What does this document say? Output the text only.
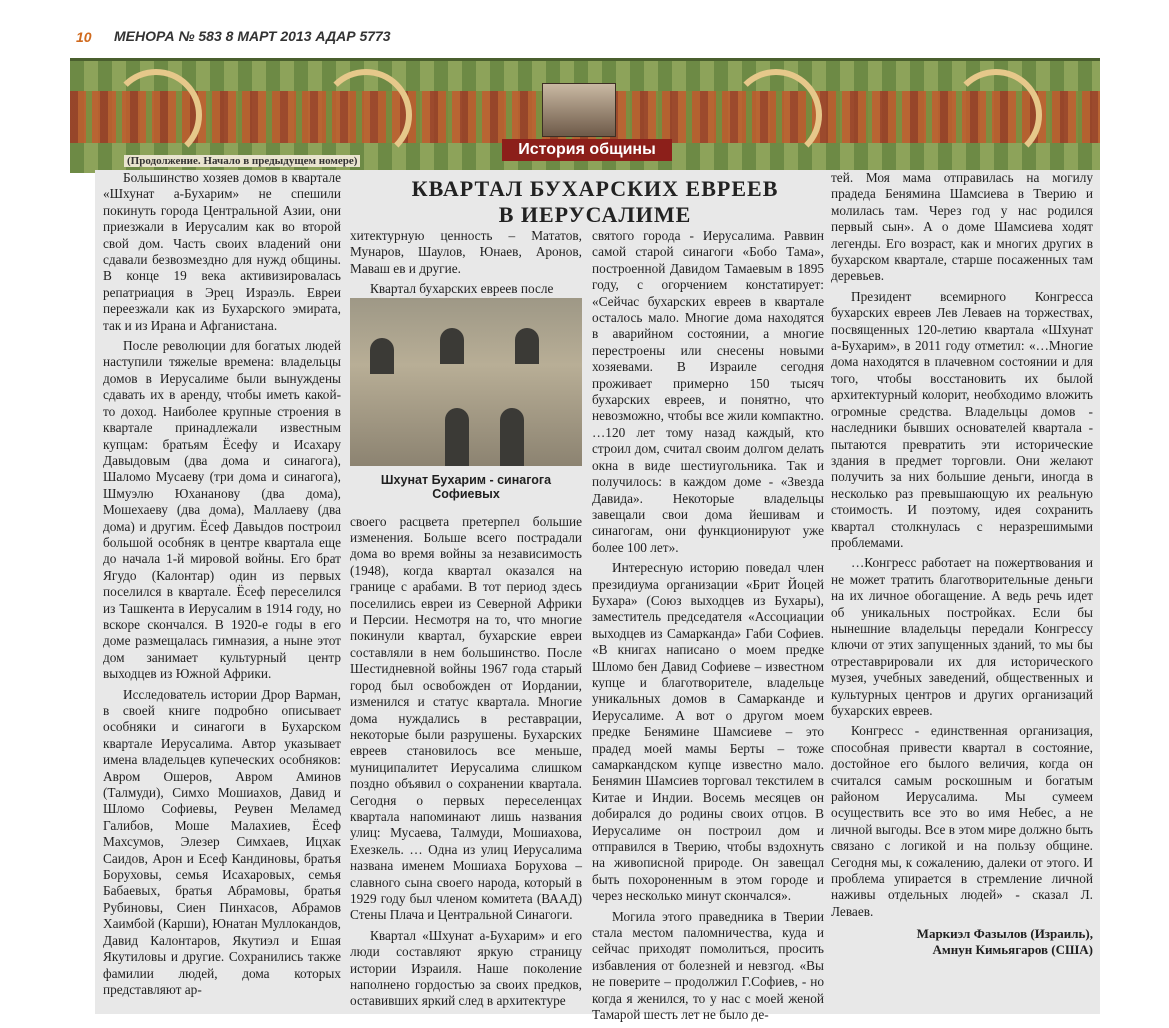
10 МЕНОРА № 583 8 МАРТ 2013 АДАР 5773
История общины
(Продолжение. Начало в предыдущем номере)
КВАРТАЛ БУХАРСКИХ ЕВРЕЕВ
В ИЕРУСАЛИМЕ

Большинство хозяев домов в квартале «Шхунат а-Бухарим» не спешили покинуть города Центральной Азии, они приезжали в Иерусалим как во второй свой дом. Часть своих владений они сдавали безвозмездно для нужд общины. В конце 19 века активизировалась репатриация в Эрец Израэль. Евреи переезжали как из Бухарского эмирата, так и из Ирана и Афганистана.

После революции для богатых людей наступили тяжелые времена: владельцы домов в Иерусалиме были вынуждены сдавать их в аренду, чтобы иметь какой-то доход. Наиболее крупные строения в квартале принадлежали известным купцам: братьям Ёсефу и Исахару Давыдовым (два дома и синагога), Шаломо Мусаеву (три дома и синагога), Шмуэлю Юхананову (два дома), Мошехаеву (два дома), Маллаеву (два дома) и другим. Ёсеф Давыдов построил большой особняк в центре квартала еще до начала 1-й мировой войны. Его брат Ягудо (Калонтар) один из первых поселился в квартале. Ёсеф переселился из Ташкента в Иерусалим в 1914 году, но вскоре скончался. В 1920-е годы в его доме размещалась гимназия, а ныне этот дом занимает культурный центр выходцев из Южной Африки.

Исследователь истории Дрор Варман, в своей книге подробно описывает особняки и синагоги в Бухарском квартале Иерусалима. Автор указывает имена владельцев купеческих особняков: Авром Ошеров, Авром Аминов (Талмуди), Симхо Мошиахов, Давид и Шломо Софиевы, Реувен Меламед Галибов, Моше Малахиев, Ёсеф Махсумов, Элезер Симхаев, Ицхак Саидов, Арон и Есеф Кандиновы, братья Боруховы, семья Исахаровых, семья Бабаевых, братья Абрамовы, братья Рубиновы, Сиен Пинхасов, Абрамов Хаимбой (Карши), Юнатан Муллокандов, Давид Калонтаров, Якутиэл и Ешая Якутиловы и другие. Сохранились также фамилии людей, дома которых представляют ар-

хитектурную ценность – Мататов, Мунаров, Шаулов, Юнаев, Аронов, Маваш ев и другие.

Квартал бухарских евреев после

своего расцвета претерпел большие изменения. Больше всего пострадали дома во время войны за независимость (1948), когда квартал оказался на границе с арабами. В тот период здесь поселились евреи из Северной Африки и Персии. Несмотря на то, что многие покинули квартал, бухарские евреи составляли в нем большинство. После Шестидневной войны 1967 года старый город был освобожден от Иордании, изменился и статус квартала. Многие дома нуждались в реставрации, некоторые были разрушены. Бухарских евреев становилось все меньше, муниципалитет Иерусалима слишком поздно объявил о сохранении квартала. Сегодня о первых переселенцах квартала напоминают лишь названия улиц: Мусаева, Талмуди, Мошиахова, Ехезкель. … Одна из улиц Иерусалима названа именем Мошиаха Борухова – славного сына своего народа, который в 1929 году был членом комитета (ВААД) Стены Плача и Центральной Синагоги.

Квартал «Шхунат а-Бухарим» и его люди составляют яркую страницу истории Израиля. Наше поколение наполнено гордостью за своих предков, оставивших яркий след в архитектуре

Шхунат Бухарим - синагога Софиевых

святого города - Иерусалима. Раввин самой старой синагоги «Бобо Тама», построенной Давидом Тамаевым в 1895 году, с огорчением констатирует: «Сейчас бухарских евреев в квартале осталось мало. Многие дома находятся в аварийном состоянии, а многие перестроены или снесены новыми хозяевами. В Израиле сегодня проживает примерно 150 тысяч бухарских евреев, и понятно, что невозможно, чтобы все жили компактно. …120 лет тому назад каждый, кто строил дом, считал своим долгом делать окна в виде шестиугольника. Так и получилось: в каждом доме - «Звезда Давида». Некоторые владельцы завещали свои дома йешивам и синагогам, они функционируют уже более 100 лет».

Интересную историю поведал член президиума организации «Брит Йоцей Бухара» (Союз выходцев из Бухары), заместитель председателя «Ассоциации выходцев из Самарканда» Габи Софиев. «В книгах написано о моем предке Шломо бен Давид Софиеве – известном купце и благотворителе, владельце уникальных домов в Самарканде и Иерусалиме. А вот о другом моем предке Бенямине Шамсиеве – это прадед моей мамы Берты – тоже самаркандском купце известно мало. Бенямин Шамсиев торговал текстилем в Китае и Индии. Восемь месяцев он добирался до родины своих отцов. В Иерусалиме он построил дом и отправился в Тверию, чтобы вздохнуть на живописной природе. Он завещал быть похороненным в этом городе и через несколько минут скончался».

Могила этого праведника в Тверии стала местом паломничества, куда и сейчас приходят помолиться, просить избавления от болезней и невзгод. «Вы не поверите – продолжил Г.Софиев, - но когда я женился, то у нас с моей женой Тамарой шесть лет не было де-

тей. Моя мама отправилась на могилу прадеда Бенямина Шамсиева в Тверию и молилась там. Через год у нас родился первый сын». А о доме Шамсиева ходят легенды. Его возраст, как и многих других в бухарском квартале, старше посаженных там деревьев.

Президент всемирного Конгресса бухарских евреев Лев Леваев на торжествах, посвященных 120-летию квартала «Шхунат а-Бухарим», в 2011 году отметил: «…Многие дома находятся в плачевном состоянии и для того, чтобы восстановить их былой архитектурный колорит, необходимо вложить огромные средства. Владельцы домов - наследники бывших основателей квартала - пытаются превратить эти исторические здания в предмет торговли. Они желают получить за них большие деньги, иногда в несколько раз превышающую их реальную стоимость. И поэтому, идея сохранить квартал столкнулась с неразрешимыми проблемами.

…Конгресс работает на пожертвования и не может тратить благотворительные деньги на их личное обогащение. А ведь речь идет об уникальных постройках. Если бы нынешние владельцы передали Конгрессу ключи от этих запущенных зданий, то мы бы отреставрировали их для исторического музея, учебных заведений, общественных и культурных центров и других организаций бухарских евреев.

Конгресс - единственная организация, способная привести квартал в состояние, достойное его былого величия, когда он считался самым роскошным и богатым районом Иерусалима. Мы сумеем осуществить все это во имя Небес, а не личной выгоды. Все в этом мире должно быть связано с логикой и на пользу общине. Сегодня мы, к сожалению, далеки от этого. И проблема упирается в стремление личной наживы отдельных людей» - сказал Л. Леваев.

Маркиэл Фазылов (Израиль),
Амнун Кимьягаров (США)
